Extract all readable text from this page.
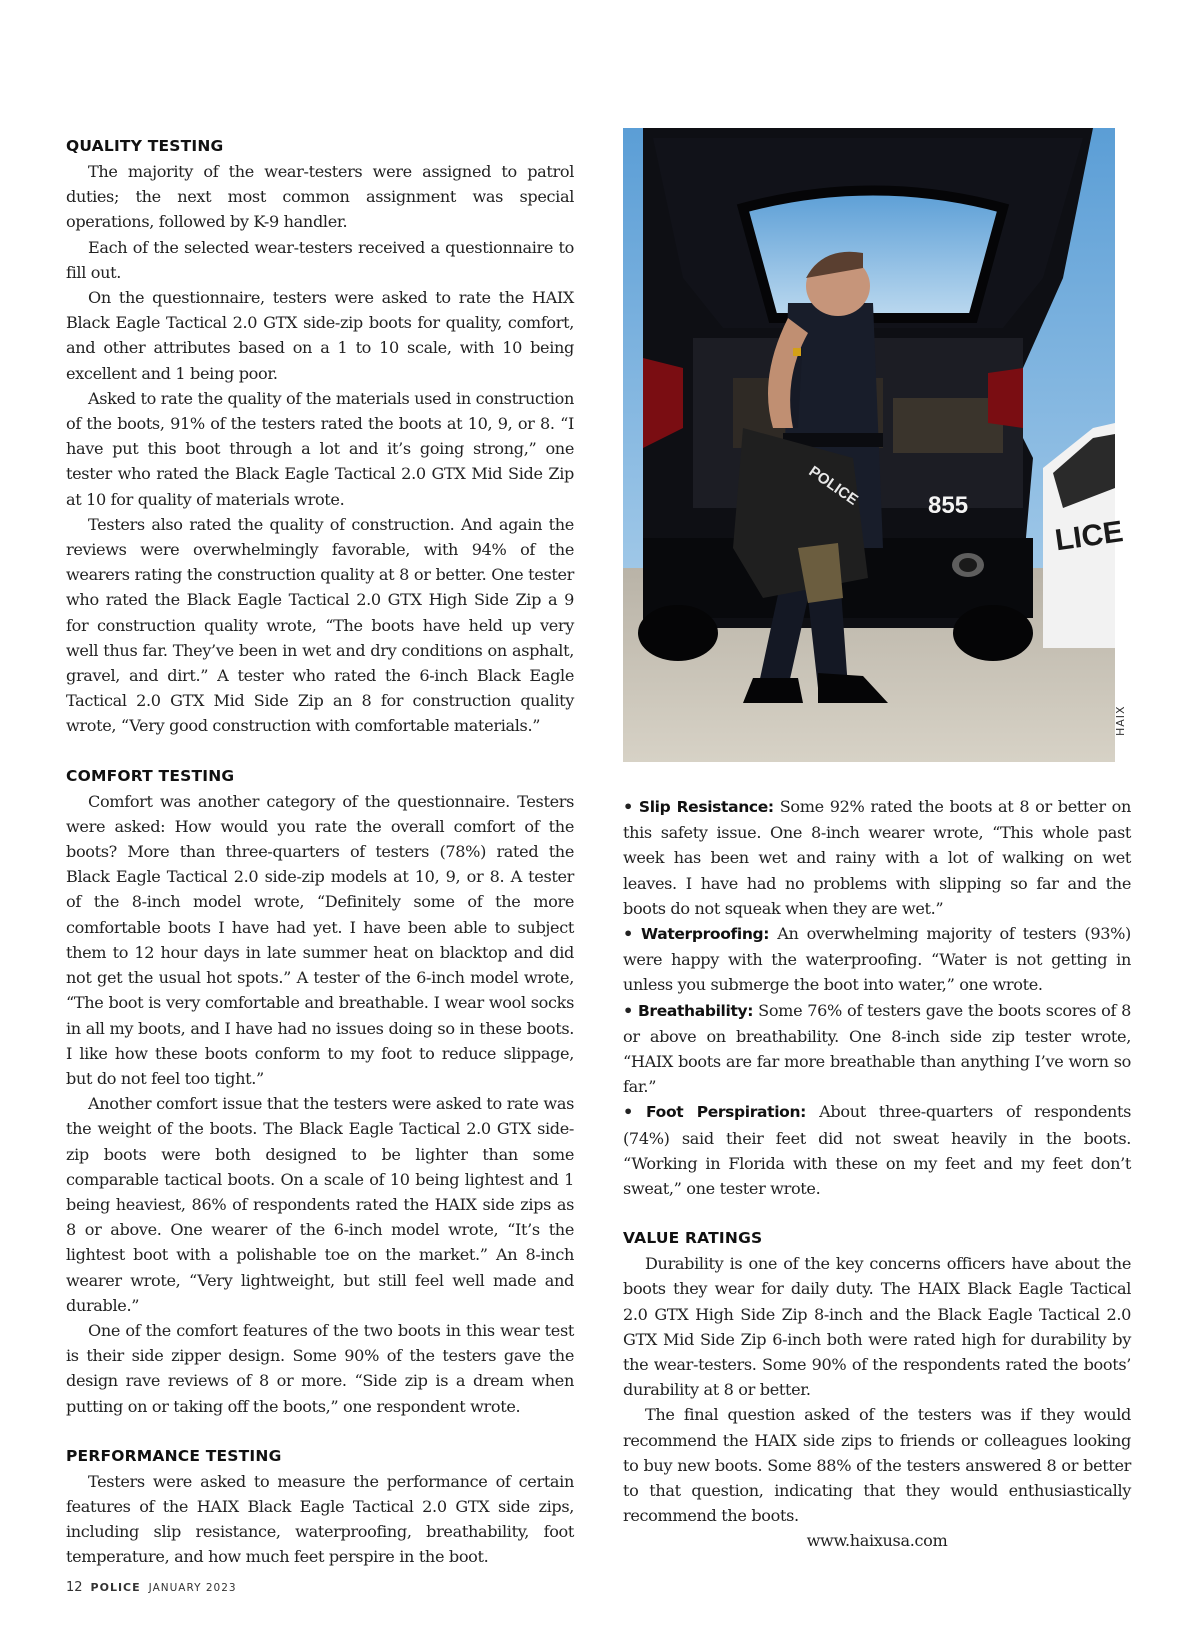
QUALITY TESTING

The majority of the wear-testers were assigned to patrol duties; the next most common assignment was special operations, followed by K-9 handler.

Each of the selected wear-testers received a questionnaire to fill out.

On the questionnaire, testers were asked to rate the HAIX Black Eagle Tactical 2.0 GTX side-zip boots for quality, comfort, and other attributes based on a 1 to 10 scale, with 10 being excellent and 1 being poor.

Asked to rate the quality of the materials used in construction of the boots, 91% of the testers rated the boots at 10, 9, or 8. “I have put this boot through a lot and it’s going strong,” one tester who rated the Black Eagle Tactical 2.0 GTX Mid Side Zip at 10 for quality of materials wrote.

Testers also rated the quality of construction. And again the reviews were overwhelmingly favorable, with 94% of the wearers rating the construction quality at 8 or better. One tester who rated the Black Eagle Tactical 2.0 GTX High Side Zip a 9 for construction quality wrote, “The boots have held up very well thus far. They’ve been in wet and dry conditions on asphalt, gravel, and dirt.” A tester who rated the 6-inch Black Eagle Tactical 2.0 GTX Mid Side Zip an 8 for construction quality wrote, “Very good construction with comfortable materials.”

COMFORT TESTING

Comfort was another category of the questionnaire. Testers were asked: How would you rate the overall comfort of the boots? More than three-quarters of testers (78%) rated the Black Eagle Tactical 2.0 side-zip models at 10, 9, or 8. A tester of the 8-inch model wrote, “Definitely some of the more comfortable boots I have had yet. I have been able to subject them to 12 hour days in late summer heat on blacktop and did not get the usual hot spots.” A tester of the 6-inch model wrote, “The boot is very comfortable and breathable. I wear wool socks in all my boots, and I have had no issues doing so in these boots. I like how these boots conform to my foot to reduce slippage, but do not feel too tight.”

Another comfort issue that the testers were asked to rate was the weight of the boots. The Black Eagle Tactical 2.0 GTX side-zip boots were both designed to be lighter than some comparable tactical boots. On a scale of 10 being lightest and 1 being heaviest, 86% of respondents rated the HAIX side zips as 8 or above. One wearer of the 6-inch model wrote, “It’s the lightest boot with a polishable toe on the market.” An 8-inch wearer wrote, “Very lightweight, but still feel well made and durable.”

One of the comfort features of the two boots in this wear test is their side zipper design. Some 90% of the testers gave the design rave reviews of 8 or more. “Side zip is a dream when putting on or taking off the boots,” one respondent wrote.

PERFORMANCE TESTING

Testers were asked to measure the performance of certain features of the HAIX Black Eagle Tactical 2.0 GTX side zips, including slip resistance, waterproofing, breathability, foot temperature, and how much feet perspire in the boot.

LICE
855
POLICE
HAIX

• Slip Resistance: Some 92% rated the boots at 8 or better on this safety issue. One 8-inch wearer wrote, “This whole past week has been wet and rainy with a lot of walking on wet leaves. I have had no problems with slipping so far and the boots do not squeak when they are wet.”

• Waterproofing: An overwhelming majority of testers (93%) were happy with the waterproofing. “Water is not getting in unless you submerge the boot into water,” one wrote.

• Breathability: Some 76% of testers gave the boots scores of 8 or above on breathability. One 8-inch side zip tester wrote, “HAIX boots are far more breathable than anything I’ve worn so far.”

• Foot Perspiration: About three-quarters of respondents (74%) said their feet did not sweat heavily in the boots. “Working in Florida with these on my feet and my feet don’t sweat,” one tester wrote.

VALUE RATINGS

Durability is one of the key concerns officers have about the boots they wear for daily duty. The HAIX Black Eagle Tactical 2.0 GTX High Side Zip 8-inch and the Black Eagle Tactical 2.0 GTX Mid Side Zip 6-inch both were rated high for durability by the wear-testers. Some 90% of the respondents rated the boots’ durability at 8 or better.

The final question asked of the testers was if they would recommend the HAIX side zips to friends or colleagues looking to buy new boots. Some 88% of the testers answered 8 or better to that question, indicating that they would enthusiastically recommend the boots.

www.haixusa.com

12 POLICE JANUARY 2023
